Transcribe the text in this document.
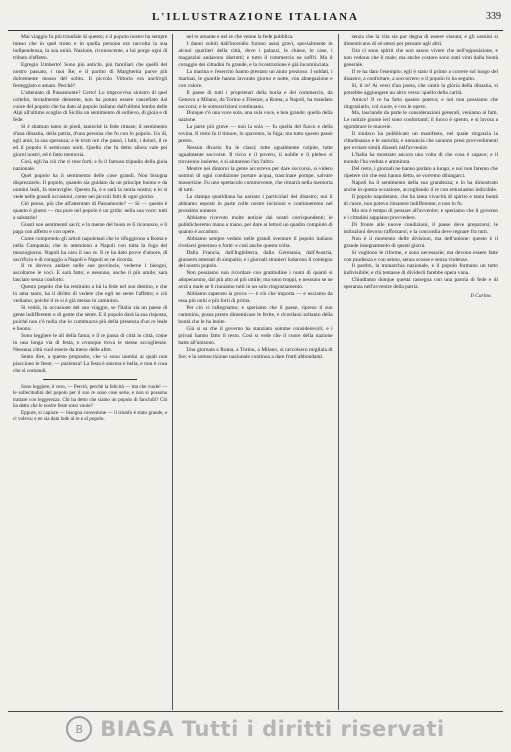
L'ILLUSTRAZIONE ITALIANA	339

Mai viaggio fu più trionfale di questo; e il popolo nostro ha sempre inteso che in quel trono e in quella persona era raccolta la sua indipendenza, la sua unità. Nazione, riconoscente, a lui porge ogni dì tributo d'affetto.

Egregio Umberto! Sono più antichi, più familiari che quelli del nostro passato, i tuoi Re; e il partito di Margherita parve più dolcemente mosso del solito. Il piccolo Vittorio era anch'egli festeggiato e amato. Perchè?

L'attentato di Passamonte? Certo! Lo improvviso sinistro di quel coltello, brutalmente demente, non ha potuto essere cancellato dal cuore del popolo che ha dato al popolo italiano dall'ultimo lembo delle Alpi all'ultimo scoglio di Sicilia un sentimento di sollievo, di gioia e di fede.

Sì è sbattuto tanto in piedi, tantoché la fede rimase; il sentimento d'una dinastia, della patria, d'una persona che fu con lo popolo. Un dì, egli amò, la sua speranza; e le tristi ore che passò, i lutti, i dolori, il re ed il popolo li sentivano uniti. Quello che fu detto allora vale pei giorni nostri, ed è fatto memoria.

Così, egli ha ciò che ci rese forti: e fu il famoso tripudio della gioia nazionale.

Quel popolo ha il sentimento delle cose grandi. Non bisogna disprezzarlo. Il popolo, quando sia guidato da un principe buono e da uomini leali, fa meraviglie. Questo fu, è e sarà la storia nostra; e lo si vede nelle grandi occasioni, come nei piccoli fatti di ogni giorno.

Ciò penso, più che all'attentato di Passamonte? — Si — questo è quanto è giusto — ma pure nel popolo è un grido: nella sua voce: tutti a salutarlo!

Giusti son sentimenti sacri; e la mente del buon re li riconosce, e li paga con affetto e con opere.

Come comprendo gli artisti napoletani che lo rifuggirono a Roma e nella Campania; che lo attendono a Napoli con tutta la foga del mezzogiorno. Napoli ha caro il suo re. Il re ha dato prove d'amore, di sacrificio e di coraggio a Napoli e Napoli se ne ricorda.

Il re doveva andare nelle sue provincie, vederne i bisogni, ascoltarne le voci. E sarà fatto; e nessuno, anche il più umile, sarà lasciato senza conforto.

Questo popolo che ha restituito a lui la fede nel suo destino, e che lo ama tanto, ha il diritto di vedere che egli ne sente l'affetto; e ciò vediamo, poiché il re si è già messo in cammino.

Si vedrà, in occasione del suo viaggio, se l'Italia sia un paese di gente indifferente o di gente che sente. E il popolo darà la sua risposta, poiché non c'è nulla che lo commuova più della presenza d'un re leale e buono.

Sono leggiere le ali della fama; e il re passa di città in città, come in una lunga via di festa, e ovunque trova le stesse accoglienze. Nessuna città vuol essere da meno delle altre.

Sento dire, a questo proposito, che vi sono uomini ai quali non piacciono le feste; — pazienza! La festa è sincera e bella, e non è cosa che si comandi.

Sono leggiere, è vero, — Perciò, perchè la felicità — ma che vuole! — le sollecitudini del popolo per il suo re sono cose serie, e non si possono trattare con leggerezza. Chi ha detto che siamo un popolo di fanciulli? Chi ha detto che le nostre feste sono vuote?

Eppure, si capisce — bisogna convenirne — il trionfo è stato grande, e ci voleva; e ne sia data lode al re e al popolo.

nel re amante e nel re che venne la fede pubblica.

I danni subiti dall'incendio furono assai gravi, specialmente in alcuni quartieri della città, dove i palazzi, le chiese, le case, i magazzini andarono distrutti; e tutto il commercio ne soffrì. Ma il coraggio dei cittadini fu grande, e la ricostruzione è già incominciata.

La marina e l'esercito hanno prestato un aiuto prezioso. I soldati, i marinai, le guardie hanno lavorato giorno e notte, con abnegazione e con valore.

Il paese di tutti i proprietari della borsa e del commercio, da Genova a Milano, da Torino a Firenze, a Roma, a Napoli, ha mandato soccorsi; e le sottoscrizioni continuano.

Dunque c'è una voce sola, una sola voce, e ben grande: quella della nazione.

La parte più grave — non la sola — fu quella del fuoco e della rovina. Il resto fu il timore, lo spavento, la fuga; ma tutto questo passò presto.

Nessun divario fra le classi; tutte ugualmente colpite, tutte ugualmente soccorse. Il ricco e il povero, il nobile e il plebeo si trovarono insieme, e si aiutarono l'un l'altro.

Mentre nei dintorni la gente accorreva per dare soccorso, si videro uomini di ogni condizione portare acqua, trascinare pompe, salvare masserizie. Fu uno spettacolo commovente, che rimarrà nella memoria di tutti.

La stampa quotidiana ha narrato i particolari del disastro; noi li abbiamo esposti in parte colle nostre incisioni e continueremo nel prossimo numero.

Abbiamo ricevuto molte notizie dai nostri corrispondenti; le pubblicheremo mano a mano, per dare ai lettori un quadro compiuto di quanto è accaduto.

Abbiamo sempre veduto nelle grandi sventure il popolo italiano rivelarsi generoso e forte: e così anche questa volta.

Dalla Francia, dall'Inghilterra, dalla Germania, dall'Austria, giunsero attestati di simpatia; e i giornali stranieri lodarono il contegno del nostro popolo.

Non possiamo non ricordare con gratitudine i nomi di quanti si adoperarono, dal più alto al più umile; ma sono troppi, e nessuno se ne avrà a male se li riuniamo tutti in un solo ringraziamento.

Abbiamo superato la prova — è ciò che importa — e usciamo da essa più uniti e più forti di prima.

Per ciò ci rallegriamo; e speriamo che il paese, ripreso il suo cammino, possa presto dimenticare le ferite, e ricordarsi soltanto della bontà che le ha lenite.

Già si sa che il governo ha stanziato somme considerevoli; e i privati hanno fatto il resto. Così si vede che il cuore della nazione batte all'unisono.

Una giornata a Roma, a Torino, a Milano, si raccolsero migliaia di lire; e la sottoscrizione nazionale continua a dare frutti abbondanti.

senza che la vita sia pur degna di essere vissuta; e gli uomini si dimenticano di sé stessi per pensare agli altri.

Ora ci sono spiriti che non sanno vivere che nell'opposizione, e non vedono che il male; ma anche costoro sono stati vinti dalla bontà generale.

Il re ha dato l'esempio: egli è stato il primo a correre sul luogo del disastro, a confortare, a soccorrere; e il popolo lo ha seguito.

Sì, il re! Ai versi d'un poeta, che cantò la gloria della dinastia, si potrebbe aggiungere un altro verso: quello della carità.

Amico! Il re ha fatto quanto poteva; e noi non possiamo che ringraziarlo, col cuore, e con le opere.

Ma, lasciando da parte le considerazioni generali, veniamo ai fatti. Le notizie giunte ieri sono confortanti; il fuoco è spento, e si lavora a sgombrare le macerie.

Il sindaco ha pubblicato un manifesto, nel quale ringrazia la cittadinanza e le autorità; e annuncia che saranno presi provvedimenti per evitare simili disastri nell'avvenire.

L'Italia ha mostrato ancora una volta di che cosa è capace; e il mondo l'ha veduta e ammirata.

Del resto, i giornali ne hanno parlato a lungo; e noi non faremo che ripetere ciò che essi hanno detto, se vorremo dilungarci.

Napoli ha il sentimento della sua grandezza; e lo ha dimostrato anche in questa occasione, accogliendo il re con entusiasmo indicibile.

Il popolo napoletano, che ha tanta vivacità di spirito e tanta bontà di cuore, non poteva rimanere indifferente; e non lo fu.

Ma ora è tempo di pensare all'avvenire; e speriamo che il governo e i cittadini sappiano provvedere.

Di fronte alle nuove condizioni, il paese deve prepararsi; le istituzioni devono rafforzarsi; e la concordia deve regnare fra tutti.

Non è il momento delle divisioni, ma dell'unione: questo è il grande insegnamento di questi giorni.

Si vogliono le riforme, e sono necessarie; ma devono essere fatte con prudenza e con senno, senza scosse e senza violenze.

Il partito, la monarchia nazionale, e il popolo formano un tutto indivisibile; e chi tentasse di dividerli farebbe opera vana.

Chiudiamo dunque questa rassegna con una parola di fede e di speranza nell'avvenire della patria.

Il Carino.
B BIASA Tutti i diritti riservati
